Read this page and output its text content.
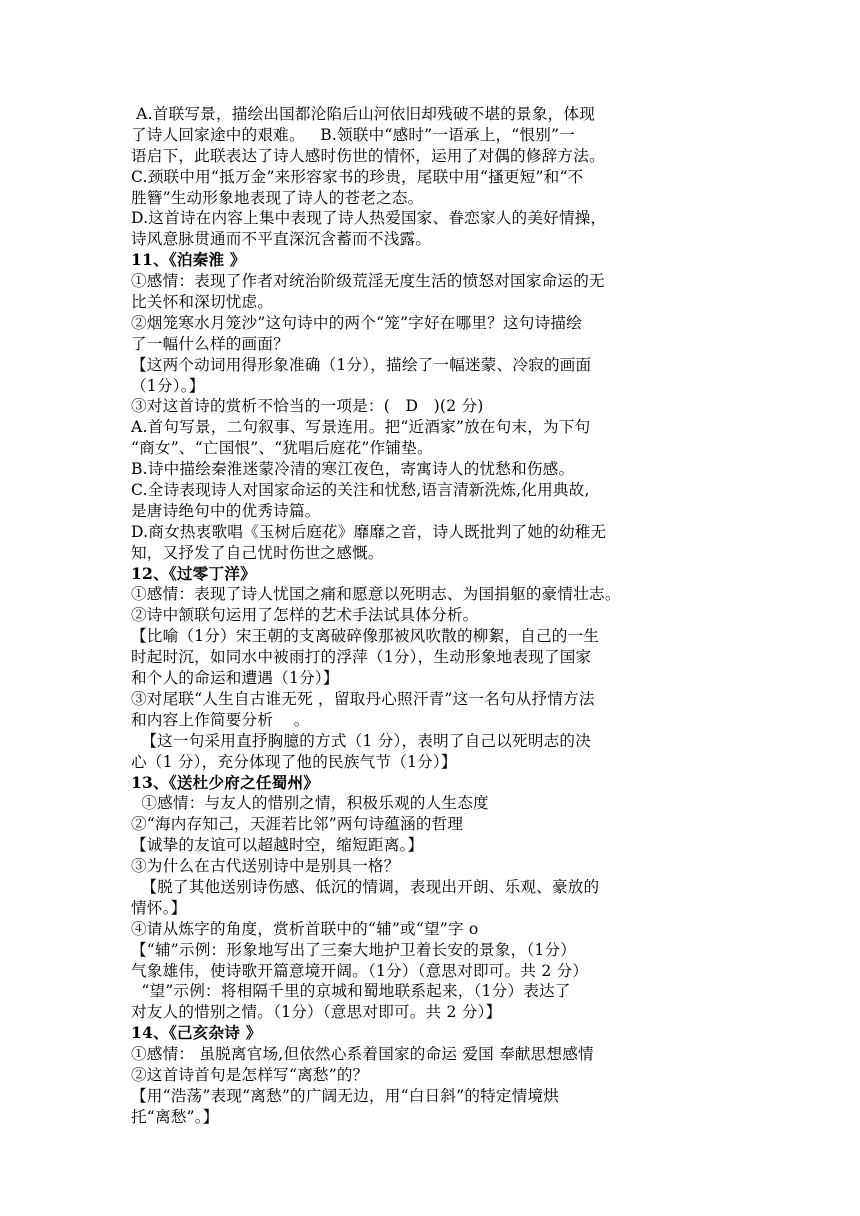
A.首联写景，描绘出国都沦陷后山河依旧却残破不堪的景象，体现
了诗人回家途中的艰难。   B.领联中“感时”一语承上，“恨别”一
语启下，此联表达了诗人感时伤世的情怀，运用了对偶的修辞方法。
C.颈联中用“抵万金”来形容家书的珍贵，尾联中用“搔更短”和“不
胜簪”生动形象地表现了诗人的苍老之态。
D.这首诗在内容上集中表现了诗人热爱国家、眷恋家人的美好情操，
诗风意脉贯通而不平直深沉含蓄而不浅露。
11、《泊秦淮 》
①感情：表现了作者对统治阶级荒淫无度生活的愤怒对国家命运的无
比关怀和深切忧虑。
②烟笼寒水月笼沙”这句诗中的两个“笼”字好在哪里？这句诗描绘
了一幅什么样的画面？
【这两个动词用得形象准确（1分），描绘了一幅迷蒙、冷寂的画面
（1分）。】
③对这首诗的赏析不恰当的一项是：(   D   )(2 分)
A.首句写景，二句叙事、写景连用。把“近酒家”放在句末，为下句
“商女”、“亡国恨”、“犹唱后庭花”作铺垫。
B.诗中描绘秦淮迷蒙冷清的寒江夜色，寄寓诗人的忧愁和伤感。
C.全诗表现诗人对国家命运的关注和忧愁,语言清新洗炼,化用典故,
是唐诗绝句中的优秀诗篇。
D.商女热衷歌唱《玉树后庭花》靡靡之音，诗人既批判了她的幼稚无
知，又抒发了自己忧时伤世之感慨。
12、《过零丁洋》
①感情：表现了诗人忧国之痛和愿意以死明志、为国捐躯的豪情壮志。
②诗中颔联句运用了怎样的艺术手法试具体分析。
【比喻（1分）宋王朝的支离破碎像那被风吹散的柳絮，自己的一生
时起时沉，如同水中被雨打的浮萍（1分），生动形象地表现了国家
和个人的命运和遭遇（1分）】
③对尾联“人生自古谁无死 ，留取丹心照汗青”这一名句从抒情方法
和内容上作简要分析    。
【这一句采用直抒胸臆的方式（1 分），表明了自己以死明志的决
心（1 分），充分体现了他的民族气节（1分）】
13、《送杜少府之任蜀州》
①感情：与友人的惜别之情，积极乐观的人生态度
②“海内存知己，天涯若比邻”两句诗蕴涵的哲理
【诚挚的友谊可以超越时空，缩短距离。】
③为什么在古代送别诗中是别具一格？
【脱了其他送别诗伤感、低沉的情调，表现出开朗、乐观、豪放的
情怀。】
④请从炼字的角度，赏析首联中的“辅”或“望”字 o
【“辅”示例：形象地写出了三秦大地护卫着长安的景象，（1分）
气象雄伟，使诗歌开篇意境开阔。（1分）（意思对即可。共 2 分）
“望”示例：将相隔千里的京城和蜀地联系起来，（1分）表达了
对友人的惜别之情。（1分）（意思对即可。共 2 分）】
14、《己亥杂诗 》
①感情： 虽脱离官场,但依然心系着国家的命运 爱国 奉献思想感情
②这首诗首句是怎样写“离愁”的？
【用“浩荡”表现“离愁”的广阔无边，用“白日斜”的特定情境烘
托“离愁”。】
